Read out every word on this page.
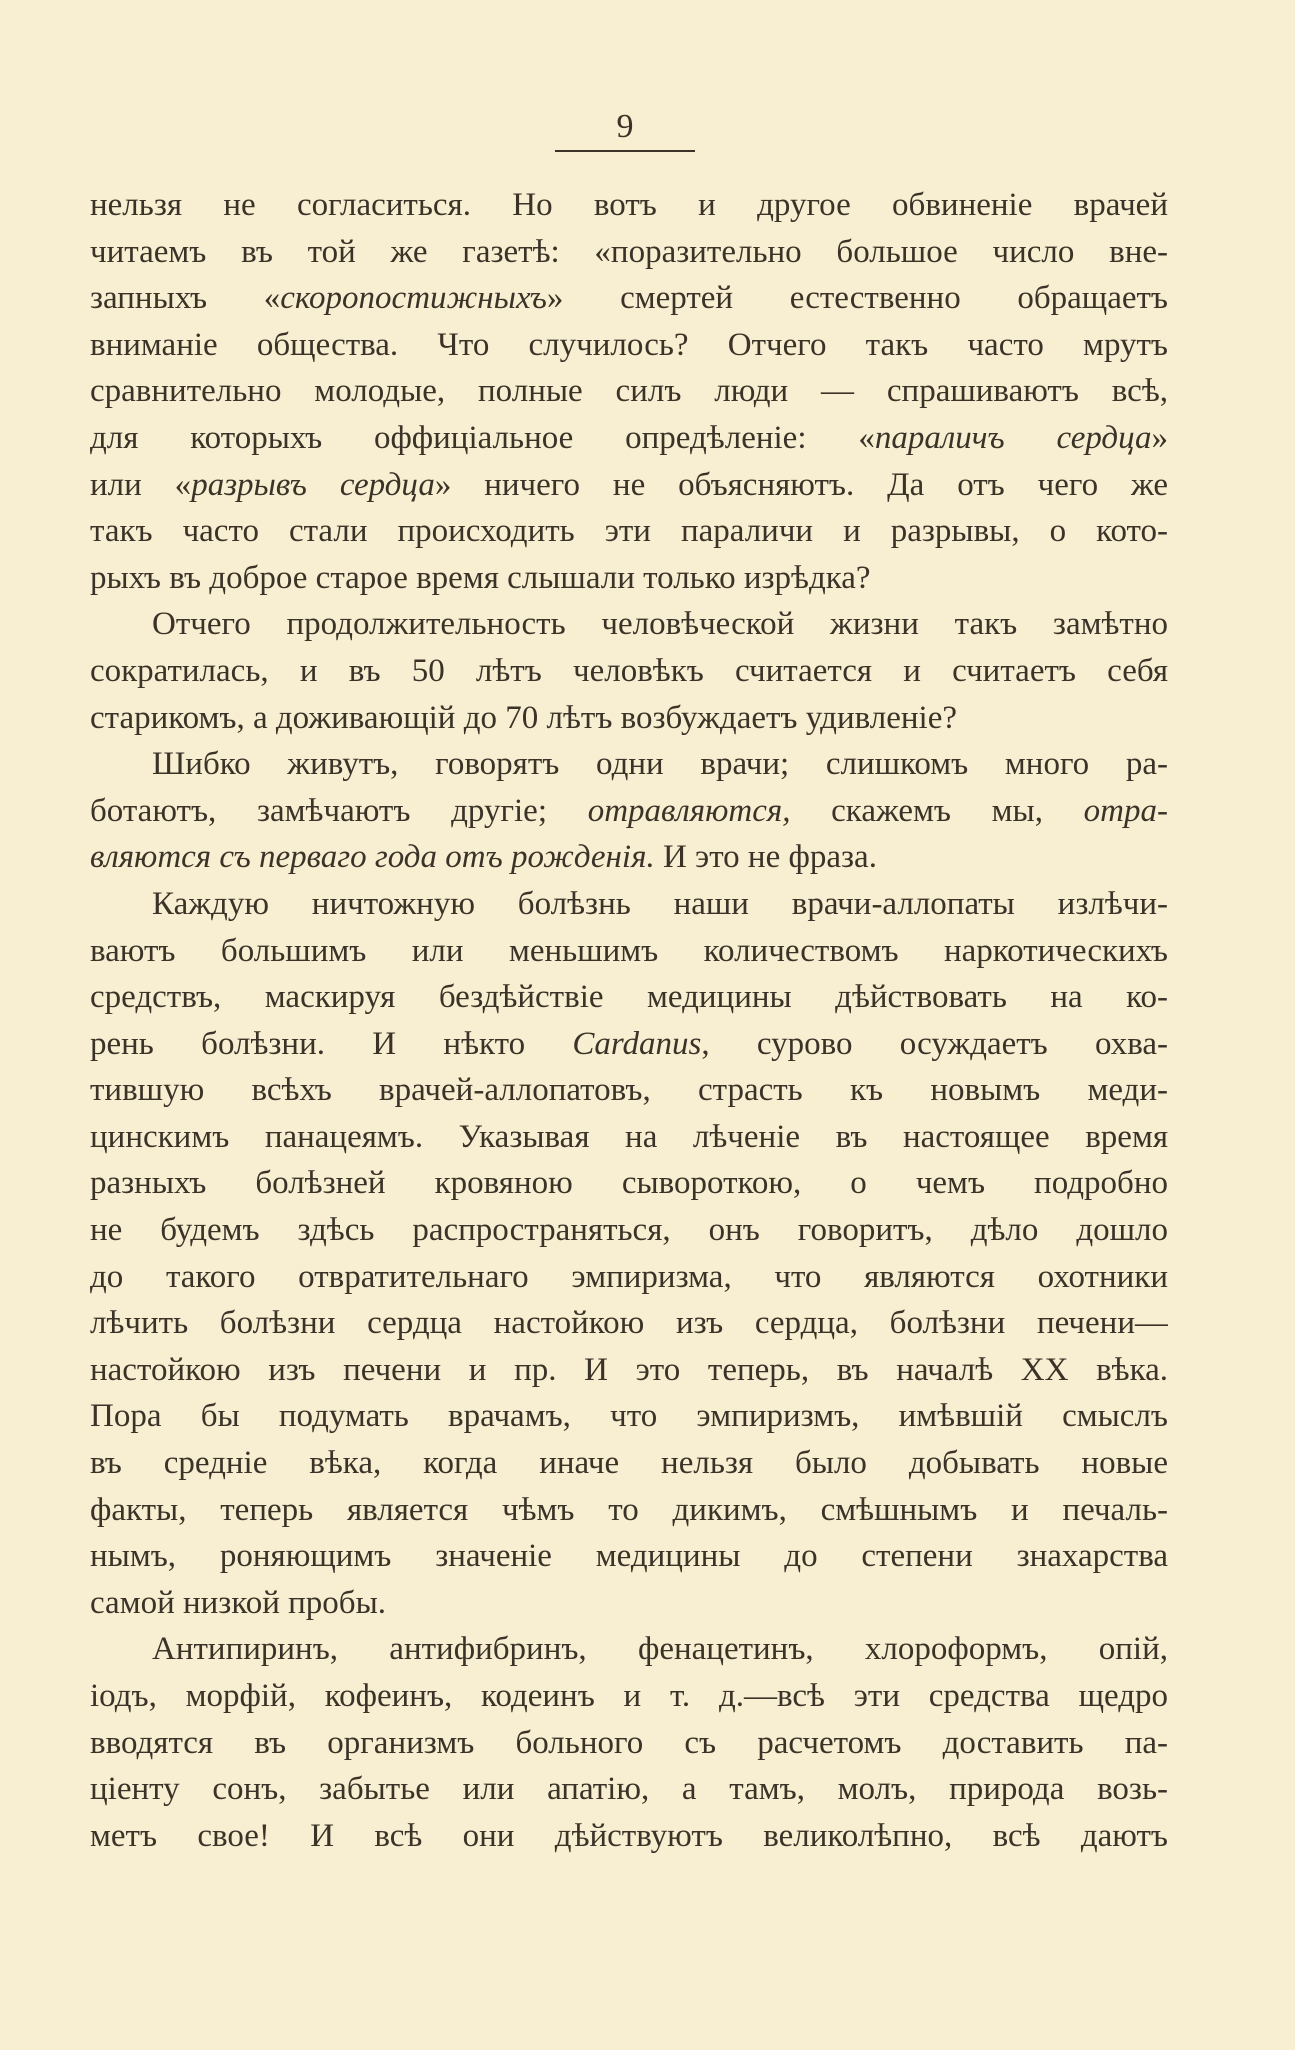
9
нельзя не согласиться. Но вотъ и другое обвиненіе врачей
читаемъ въ той же газетѣ: «поразительно большое число вне-
запныхъ «скоропостижныхъ» смертей естественно обращаетъ
вниманіе общества. Что случилось? Отчего такъ часто мрутъ
сравнительно молодые, полные силъ люди — спрашиваютъ всѣ,
для которыхъ оффиціальное опредѣленіе: «параличъ сердца»
или «разрывъ сердца» ничего не объясняютъ. Да отъ чего же
такъ часто стали происходить эти параличи и разрывы, о кото-
рыхъ въ доброе старое время слышали только изрѣдка?
Отчего продолжительность человѣческой жизни такъ замѣтно
сократилась, и въ 50 лѣтъ человѣкъ считается и считаетъ себя
старикомъ, а доживающій до 70 лѣтъ возбуждаетъ удивленіе?
Шибко живутъ, говорятъ одни врачи; слишкомъ много ра-
ботаютъ, замѣчаютъ другіе; отравляются, скажемъ мы, отра-
вляются съ перваго года отъ рожденія. И это не фраза.
Каждую ничтожную болѣзнь наши врачи-аллопаты излѣчи-
ваютъ большимъ или меньшимъ количествомъ наркотическихъ
средствъ, маскируя бездѣйствіе медицины дѣйствовать на ко-
рень болѣзни. И нѣкто Cardanus, сурово осуждаетъ охва-
тившую всѣхъ врачей-аллопатовъ, страсть къ новымъ меди-
цинскимъ панацеямъ. Указывая на лѣченіе въ настоящее время
разныхъ болѣзней кровяною сывороткою, о чемъ подробно
не будемъ здѣсь распространяться, онъ говоритъ, дѣло дошло
до такого отвратительнаго эмпиризма, что являются охотники
лѣчить болѣзни сердца настойкою изъ сердца, болѣзни печени—
настойкою изъ печени и пр. И это теперь, въ началѣ XX вѣка.
Пора бы подумать врачамъ, что эмпиризмъ, имѣвшій смыслъ
въ средніе вѣка, когда иначе нельзя было добывать новые
факты, теперь является чѣмъ то дикимъ, смѣшнымъ и печаль-
нымъ, роняющимъ значеніе медицины до степени знахарства
самой низкой пробы.
Антипиринъ, антифибринъ, фенацетинъ, хлороформъ, опій,
іодъ, морфій, кофеинъ, кодеинъ и т. д.—всѣ эти средства щедро
вводятся въ организмъ больного съ расчетомъ доставить па-
ціенту сонъ, забытье или апатію, а тамъ, молъ, природа возь-
метъ свое! И всѣ они дѣйствуютъ великолѣпно, всѣ даютъ
